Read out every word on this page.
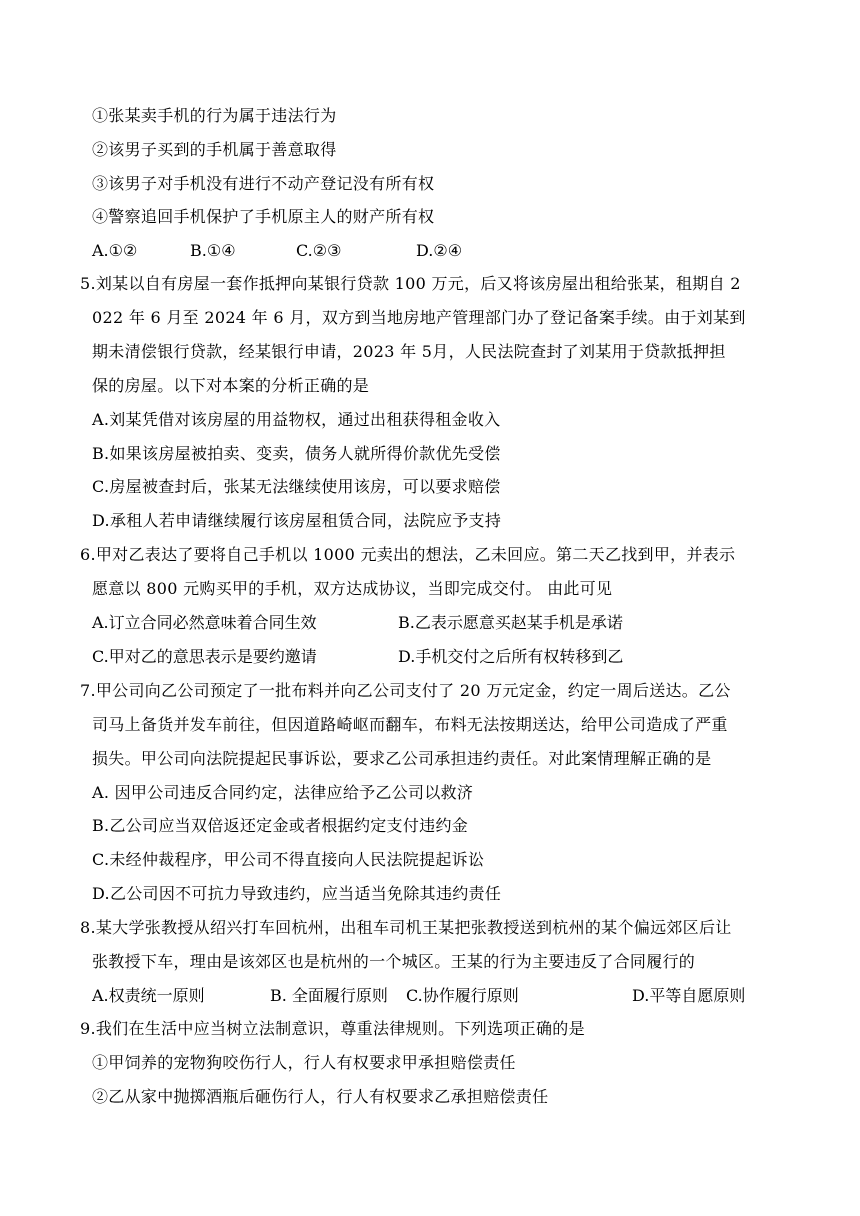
①张某卖手机的行为属于违法行为
②该男子买到的手机属于善意取得
③该男子对手机没有进行不动产登记没有所有权
④警察追回手机保护了手机原主人的财产所有权
A.①②	B.①④	C.②③	D.②④
5.刘某以自有房屋一套作抵押向某银行贷款 100 万元，后又将该房屋出租给张某，租期自 2
022 年 6 月至 2024 年 6 月，双方到当地房地产管理部门办了登记备案手续。由于刘某到
期未清偿银行贷款，经某银行申请，2023 年 5月，人民法院查封了刘某用于贷款抵押担
保的房屋。以下对本案的分析正确的是
A.刘某凭借对该房屋的用益物权，通过出租获得租金收入
B.如果该房屋被拍卖、变卖，债务人就所得价款优先受偿
C.房屋被查封后，张某无法继续使用该房，可以要求赔偿
D.承租人若申请继续履行该房屋租赁合同，法院应予支持
6.甲对乙表达了要将自己手机以 1000 元卖出的想法，乙未回应。第二天乙找到甲，并表示
愿意以 800 元购买甲的手机，双方达成协议，当即完成交付。 由此可见
A.订立合同必然意味着合同生效	B.乙表示愿意买赵某手机是承诺
C.甲对乙的意思表示是要约邀请	D.手机交付之后所有权转移到乙
7.甲公司向乙公司预定了一批布料并向乙公司支付了 20 万元定金，约定一周后送达。乙公
司马上备货并发车前往，但因道路崎岖而翻车，布料无法按期送达，给甲公司造成了严重
损失。甲公司向法院提起民事诉讼，要求乙公司承担违约责任。对此案情理解正确的是
A. 因甲公司违反合同约定，法律应给予乙公司以救济
B.乙公司应当双倍返还定金或者根据约定支付违约金
C.未经仲裁程序，甲公司不得直接向人民法院提起诉讼
D.乙公司因不可抗力导致违约，应当适当免除其违约责任
8.某大学张教授从绍兴打车回杭州，出租车司机王某把张教授送到杭州的某个偏远郊区后让
张教授下车，理由是该郊区也是杭州的一个城区。王某的行为主要违反了合同履行的
A.权责统一原则	B. 全面履行原则 C.协作履行原则	D.平等自愿原则
9.我们在生活中应当树立法制意识，尊重法律规则。下列选项正确的是
①甲饲养的宠物狗咬伤行人，行人有权要求甲承担赔偿责任
②乙从家中抛掷酒瓶后砸伤行人，行人有权要求乙承担赔偿责任
